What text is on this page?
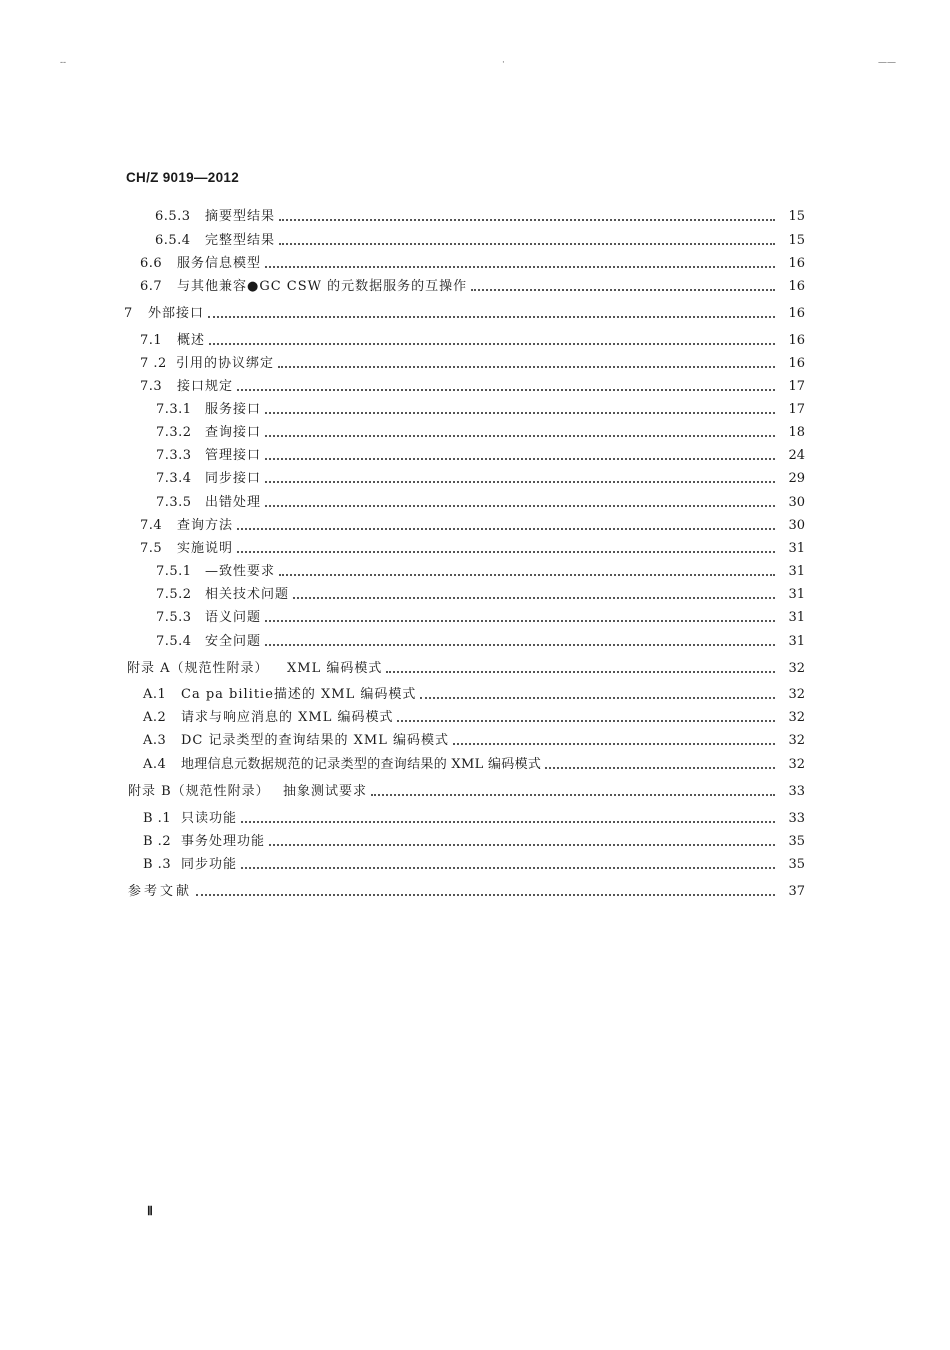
--	·	——
CH/Z 9019—2012
6.5.3	摘要型结果	15
6.5.4	完整型结果	15
6.6	服务信息模型	16
6.7	与其他兼容●GC CSW 的元数据服务的互操作	16
7	外部接口	16
7.1	概述	16
7 .2 引用的协议绑定	16
7.3	接口规定	17
7.3.1	服务接口	17
7.3.2	查询接口	18
7.3.3	管理接口	24
7.3.4	同步接口	29
7.3.5	出错处理	30
7.4	查询方法	30
7.5	实施说明	31
7.5.1	—致性要求	31
7.5.2	相关技术问题	31
7.5.3	语义问题	31
7.5.4	安全问题	31
附录 A（规范性附录）	XML 编码模式	32
A.1	Ca pa bilitie描述的 XML 编码模式	32
A.2	请求与响应消息的 XML 编码模式	32
A.3	DC 记录类型的查询结果的 XML 编码模式	32
A.4	地理信息元数据规范的记录类型的查询结果的 XML 编码模式	32
附录 B（规范性附录）	抽象测试要求	33
B .1 只读功能	33
B .2 事务处理功能	35
B .3 同步功能	35
参考文献	37
Ⅱ
